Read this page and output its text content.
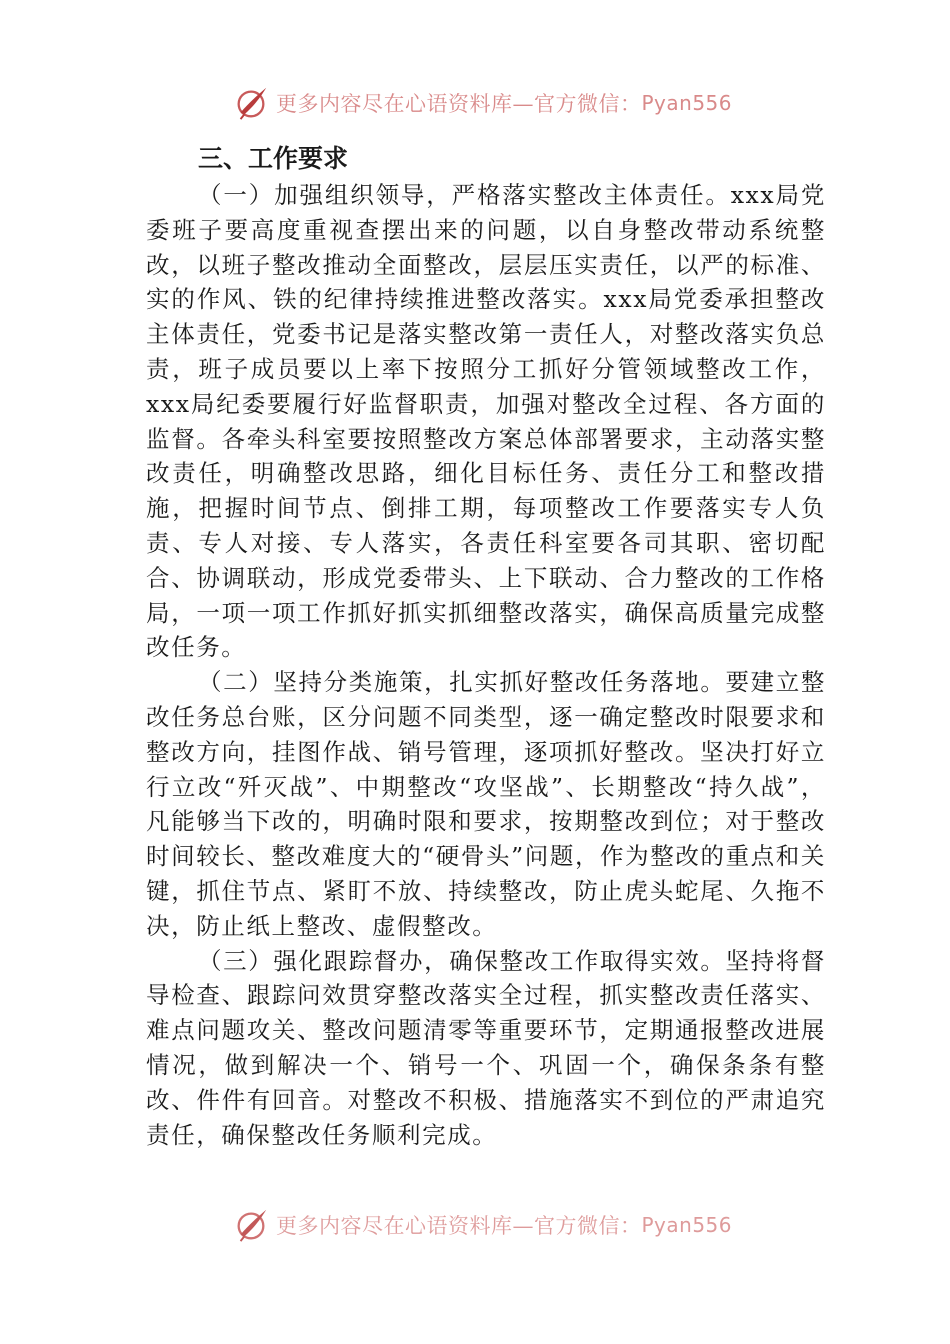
更多内容尽在心语资料库—官方微信： Pyan556
三、工作要求

（一）加强组织领导，严格落实整改主体责任。xxx局党委班子要高度重视查摆出来的问题，以自身整改带动系统整改，以班子整改推动全面整改，层层压实责任，以严的标准、实的作风、铁的纪律持续推进整改落实。xxx局党委承担整改主体责任，党委书记是落实整改第一责任人，对整改落实负总责，班子成员要以上率下按照分工抓好分管领域整改工作，xxx局纪委要履行好监督职责，加强对整改全过程、各方面的监督。各牵头科室要按照整改方案总体部署要求，主动落实整改责任，明确整改思路，细化目标任务、责任分工和整改措施，把握时间节点、倒排工期，每项整改工作要落实专人负责、专人对接、专人落实，各责任科室要各司其职、密切配合、协调联动，形成党委带头、上下联动、合力整改的工作格局，一项一项工作抓好抓实抓细整改落实，确保高质量完成整改任务。

（二）坚持分类施策，扎实抓好整改任务落地。要建立整改任务总台账，区分问题不同类型，逐一确定整改时限要求和整改方向，挂图作战、销号管理，逐项抓好整改。坚决打好立行立改“歼灭战”、中期整改“攻坚战”、长期整改“持久战”，凡能够当下改的，明确时限和要求，按期整改到位；对于整改时间较长、整改难度大的“硬骨头”问题，作为整改的重点和关键，抓住节点、紧盯不放、持续整改，防止虎头蛇尾、久拖不决，防止纸上整改、虚假整改。

（三）强化跟踪督办，确保整改工作取得实效。坚持将督导检查、跟踪问效贯穿整改落实全过程，抓实整改责任落实、难点问题攻关、整改问题清零等重要环节，定期通报整改进展情况，做到解决一个、销号一个、巩固一个，确保条条有整改、件件有回音。对整改不积极、措施落实不到位的严肃追究责任，确保整改任务顺利完成。

更多内容尽在心语资料库—官方微信： Pyan556
